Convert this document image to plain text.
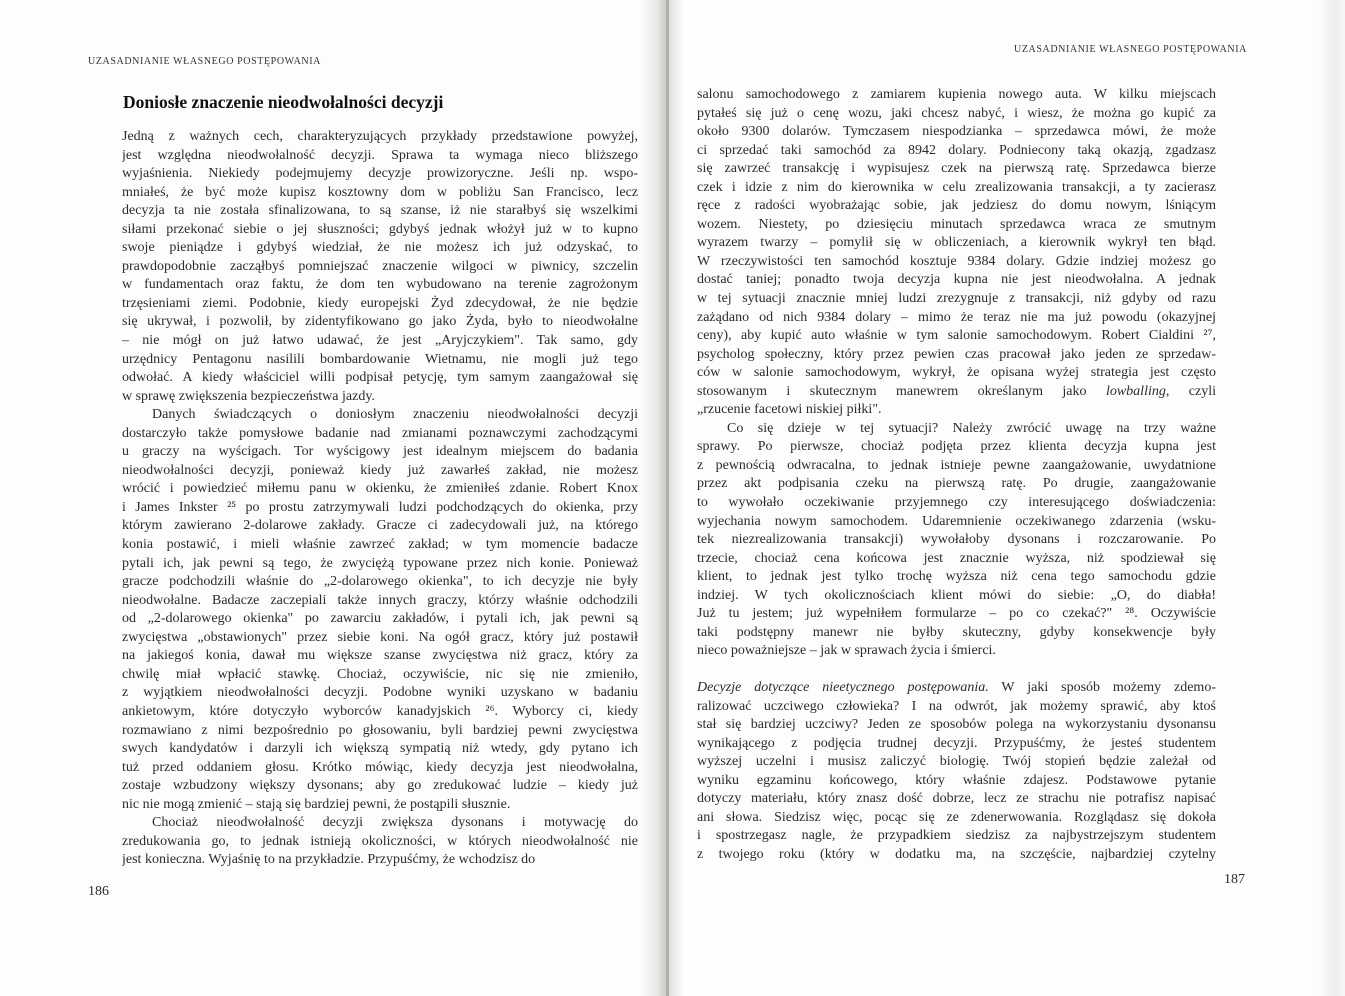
UZASADNIANIE WŁASNEGO POSTĘPOWANIA
Doniosłe znaczenie nieodwołalności decyzji
Jedną z ważnych cech, charakteryzujących przykłady przedstawione powyżej,
jest względna nieodwołalność decyzji. Sprawa ta wymaga nieco bliższego
wyjaśnienia. Niekiedy podejmujemy decyzje prowizoryczne. Jeśli np. wspo-
mniałeś, że być może kupisz kosztowny dom w pobliżu San Francisco, lecz
decyzja ta nie została sfinalizowana, to są szanse, iż nie starałbyś się wszelkimi
siłami przekonać siebie o jej słuszności; gdybyś jednak włożył już w to kupno
swoje pieniądze i gdybyś wiedział, że nie możesz ich już odzyskać, to
prawdopodobnie zacząłbyś pomniejszać znaczenie wilgoci w piwnicy, szczelin
w fundamentach oraz faktu, że dom ten wybudowano na terenie zagrożonym
trzęsieniami ziemi. Podobnie, kiedy europejski Żyd zdecydował, że nie będzie
się ukrywał, i pozwolił, by zidentyfikowano go jako Żyda, było to nieodwołalne
– nie mógł on już łatwo udawać, że jest „Aryjczykiem". Tak samo, gdy
urzędnicy Pentagonu nasilili bombardowanie Wietnamu, nie mogli już tego
odwołać. A kiedy właściciel willi podpisał petycję, tym samym zaangażował się
w sprawę zwiększenia bezpieczeństwa jazdy.
Danych świadczących o doniosłym znaczeniu nieodwołalności decyzji
dostarczyło także pomysłowe badanie nad zmianami poznawczymi zachodzącymi
u graczy na wyścigach. Tor wyścigowy jest idealnym miejscem do badania
nieodwołalności decyzji, ponieważ kiedy już zawarłeś zakład, nie możesz
wrócić i powiedzieć miłemu panu w okienku, że zmieniłeś zdanie. Robert Knox
i James Inkster ²⁵ po prostu zatrzymywali ludzi podchodzących do okienka, przy
którym zawierano 2-dolarowe zakłady. Gracze ci zadecydowali już, na którego
konia postawić, i mieli właśnie zawrzeć zakład; w tym momencie badacze
pytali ich, jak pewni są tego, że zwyciężą typowane przez nich konie. Ponieważ
gracze podchodzili właśnie do „2-dolarowego okienka", to ich decyzje nie były
nieodwołalne. Badacze zaczepiali także innych graczy, którzy właśnie odchodzili
od „2-dolarowego okienka" po zawarciu zakładów, i pytali ich, jak pewni są
zwycięstwa „obstawionych" przez siebie koni. Na ogół gracz, który już postawił
na jakiegoś konia, dawał mu większe szanse zwycięstwa niż gracz, który za
chwilę miał wpłacić stawkę. Chociaż, oczywiście, nic się nie zmieniło,
z wyjątkiem nieodwołalności decyzji. Podobne wyniki uzyskano w badaniu
ankietowym, które dotyczyło wyborców kanadyjskich ²⁶. Wyborcy ci, kiedy
rozmawiano z nimi bezpośrednio po głosowaniu, byli bardziej pewni zwycięstwa
swych kandydatów i darzyli ich większą sympatią niż wtedy, gdy pytano ich
tuż przed oddaniem głosu. Krótko mówiąc, kiedy decyzja jest nieodwołalna,
zostaje wzbudzony większy dysonans; aby go zredukować ludzie – kiedy już
nic nie mogą zmienić – stają się bardziej pewni, że postąpili słusznie.
Chociaż nieodwołalność decyzji zwiększa dysonans i motywację do
zredukowania go, to jednak istnieją okoliczności, w których nieodwołalność nie
jest konieczna. Wyjaśnię to na przykładzie. Przypuśćmy, że wchodzisz do
186
UZASADNIANIE WŁASNEGO POSTĘPOWANIA
salonu samochodowego z zamiarem kupienia nowego auta. W kilku miejscach
pytałeś się już o cenę wozu, jaki chcesz nabyć, i wiesz, że można go kupić za
około 9300 dolarów. Tymczasem niespodzianka – sprzedawca mówi, że może
ci sprzedać taki samochód za 8942 dolary. Podniecony taką okazją, zgadzasz
się zawrzeć transakcję i wypisujesz czek na pierwszą ratę. Sprzedawca bierze
czek i idzie z nim do kierownika w celu zrealizowania transakcji, a ty zacierasz
ręce z radości wyobrażając sobie, jak jedziesz do domu nowym, lśniącym
wozem. Niestety, po dziesięciu minutach sprzedawca wraca ze smutnym
wyrazem twarzy – pomylił się w obliczeniach, a kierownik wykrył ten błąd.
W rzeczywistości ten samochód kosztuje 9384 dolary. Gdzie indziej możesz go
dostać taniej; ponadto twoja decyzja kupna nie jest nieodwołalna. A jednak
w tej sytuacji znacznie mniej ludzi zrezygnuje z transakcji, niż gdyby od razu
zażądano od nich 9384 dolary – mimo że teraz nie ma już powodu (okazyjnej
ceny), aby kupić auto właśnie w tym salonie samochodowym. Robert Cialdini ²⁷,
psycholog społeczny, który przez pewien czas pracował jako jeden ze sprzedaw-
ców w salonie samochodowym, wykrył, że opisana wyżej strategia jest często
stosowanym i skutecznym manewrem określanym jako lowballing, czyli
„rzucenie facetowi niskiej piłki".
Co się dzieje w tej sytuacji? Należy zwrócić uwagę na trzy ważne
sprawy. Po pierwsze, chociaż podjęta przez klienta decyzja kupna jest
z pewnością odwracalna, to jednak istnieje pewne zaangażowanie, uwydatnione
przez akt podpisania czeku na pierwszą ratę. Po drugie, zaangażowanie
to wywołało oczekiwanie przyjemnego czy interesującego doświadczenia:
wyjechania nowym samochodem. Udaremnienie oczekiwanego zdarzenia (wsku-
tek niezrealizowania transakcji) wywołałoby dysonans i rozczarowanie. Po
trzecie, chociaż cena końcowa jest znacznie wyższa, niż spodziewał się
klient, to jednak jest tylko trochę wyższa niż cena tego samochodu gdzie
indziej. W tych okolicznościach klient mówi do siebie: „O, do diabła!
Już tu jestem; już wypełniłem formularze – po co czekać?" ²⁸. Oczywiście
taki podstępny manewr nie byłby skuteczny, gdyby konsekwencje były
nieco poważniejsze – jak w sprawach życia i śmierci.
Decyzje dotyczące nieetycznego postępowania. W jaki sposób możemy zdemo-
ralizować uczciwego człowieka? I na odwrót, jak możemy sprawić, aby ktoś
stał się bardziej uczciwy? Jeden ze sposobów polega na wykorzystaniu dysonansu
wynikającego z podjęcia trudnej decyzji. Przypuśćmy, że jesteś studentem
wyższej uczelni i musisz zaliczyć biologię. Twój stopień będzie zależał od
wyniku egzaminu końcowego, który właśnie zdajesz. Podstawowe pytanie
dotyczy materiału, który znasz dość dobrze, lecz ze strachu nie potrafisz napisać
ani słowa. Siedzisz więc, pocąc się ze zdenerwowania. Rozglądasz się dokoła
i spostrzegasz nagle, że przypadkiem siedzisz za najbystrzejszym studentem
z twojego roku (który w dodatku ma, na szczęście, najbardziej czytelny
187
